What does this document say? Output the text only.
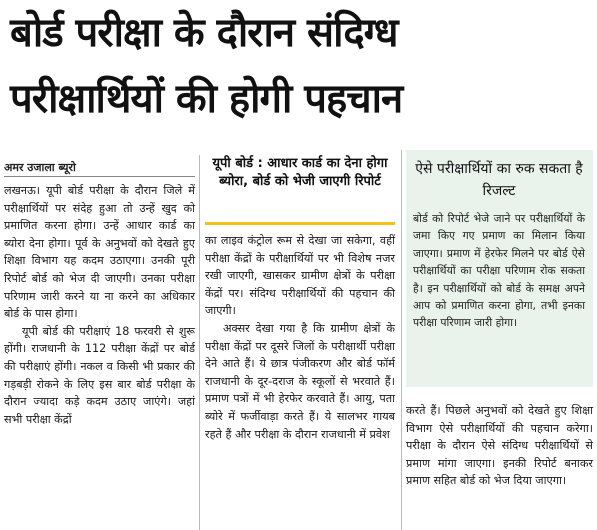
बोर्ड परीक्षा के दौरान संदिग्ध
परीक्षार्थियों की होगी पहचान
अमर उजाला ब्यूरो

लखनऊ। यूपी बोर्ड परीक्षा के दौरान जिले में परीक्षार्थियों पर संदेह हुआ तो उन्हें खुद को प्रमाणित करना होगा। उन्हें आधार कार्ड का ब्योरा देना होगा। पूर्व के अनुभवों को देखते हुए शिक्षा विभाग यह कदम उठाएगा। उनकी पूरी रिपोर्ट बोर्ड को भेज दी जाएगी। उनका परीक्षा परिणाम जारी करने या ना करने का अधिकार बोर्ड के पास होगा।

यूपी बोर्ड की परीक्षाएं 18 फरवरी से शुरू होंगी। राजधानी के 112 परीक्षा केंद्रों पर बोर्ड की परीक्षाएं होंगी। नकल व किसी भी प्रकार की गड़बड़ी रोकने के लिए इस बार बोर्ड परीक्षा के दौरान ज्यादा कड़े कदम उठाए जाएंगे। जहां सभी परीक्षा केंद्रों

यूपी बोर्ड : आधार कार्ड का देना होगा ब्योरा, बोर्ड को भेजी जाएगी रिपोर्ट

का लाइव कंट्रोल रूम से देखा जा सकेगा, वहीं परीक्षा केंद्रों के परीक्षार्थियों पर भी विशेष नजर रखी जाएगी, खासकर ग्रामीण क्षेत्रों के परीक्षा केंद्रों पर। संदिग्ध परीक्षार्थियों की पहचान की जाएगी।

अक्सर देखा गया है कि ग्रामीण क्षेत्रों के परीक्षा केंद्रों पर दूसरे जिलों के परीक्षार्थी परीक्षा देने आते हैं। ये छात्र पंजीकरण और बोर्ड फॉर्म राजधानी के दूर-दराज के स्कूलों से भरवाते हैं। प्रमाण पत्रों में भी हेरफेर करवाते हैं। आयु, पता ब्योरे में फर्जीवाड़ा करते हैं। ये सालभर गायब रहते हैं और परीक्षा के दौरान राजधानी में प्रवेश

ऐसे परीक्षार्थियों का रुक सकता है रिजल्ट

बोर्ड को रिपोर्ट भेजे जाने पर परीक्षार्थियों के जमा किए गए प्रमाण का मिलान किया जाएगा। प्रमाण में हेरफेर मिलने पर बोर्ड ऐसे परीक्षार्थियों का परीक्षा परिणाम रोक सकता है। इन परीक्षार्थियों को बोर्ड के समक्ष अपने आप को प्रमाणित करना होगा, तभी इनका परीक्षा परिणाम जारी होगा।

करते हैं। पिछले अनुभवों को देखते हुए शिक्षा विभाग ऐसे परीक्षार्थियों की पहचान करेगा। परीक्षा के दौरान ऐसे संदिग्ध परीक्षार्थियों से प्रमाण मांगा जाएगा। इनकी रिपोर्ट बनाकर प्रमाण सहित बोर्ड को भेज दिया जाएगा।
